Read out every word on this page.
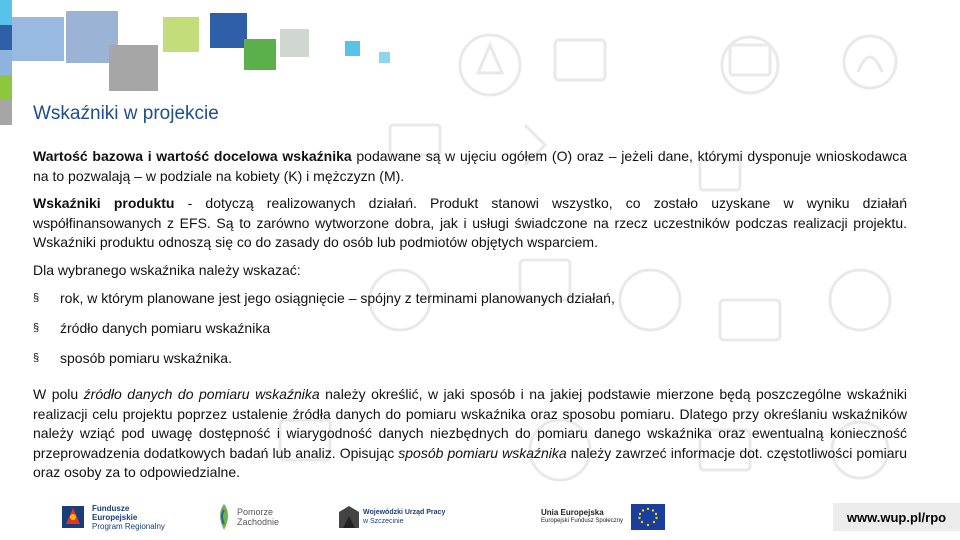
Wskaźniki w projekcie

Wartość bazowa i wartość docelowa wskaźnika podawane są w ujęciu ogółem (O) oraz – jeżeli dane, którymi dysponuje wnioskodawca na to pozwalają – w podziale na kobiety (K) i mężczyzn (M).

Wskaźniki produktu - dotyczą realizowanych działań. Produkt stanowi wszystko, co zostało uzyskane w wyniku działań współfinansowanych z EFS. Są to zarówno wytworzone dobra, jak i usługi świadczone na rzecz uczestników podczas realizacji projektu. Wskaźniki produktu odnoszą się co do zasady do osób lub podmiotów objętych wsparciem.

Dla wybranego wskaźnika należy wskazać:

§ rok, w którym planowane jest jego osiągnięcie – spójny z terminami planowanych działań,
§ źródło danych pomiaru wskaźnika
§ sposób pomiaru wskaźnika.

W polu źródło danych do pomiaru wskaźnika należy określić, w jaki sposób i na jakiej podstawie mierzone będą poszczególne wskaźniki realizacji celu projektu poprzez ustalenie źródła danych do pomiaru wskaźnika oraz sposobu pomiaru. Dlatego przy określaniu wskaźników należy wziąć pod uwagę dostępność i wiarygodność danych niezbędnych do pomiaru danego wskaźnika oraz ewentualną konieczność przeprowadzenia dodatkowych badań lub analiz. Opisując sposób pomiaru wskaźnika należy zawrzeć informacje dot. częstotliwości pomiaru oraz osoby za to odpowiedzialne.

Fundusze
Europejskie
Program Regionalny
Pomorze
Zachodnie
Wojewódzki Urząd Pracy
w Szczecinie
Unia Europejska
Europejski Fundusz Społeczny	www.wup.pl/rpo
